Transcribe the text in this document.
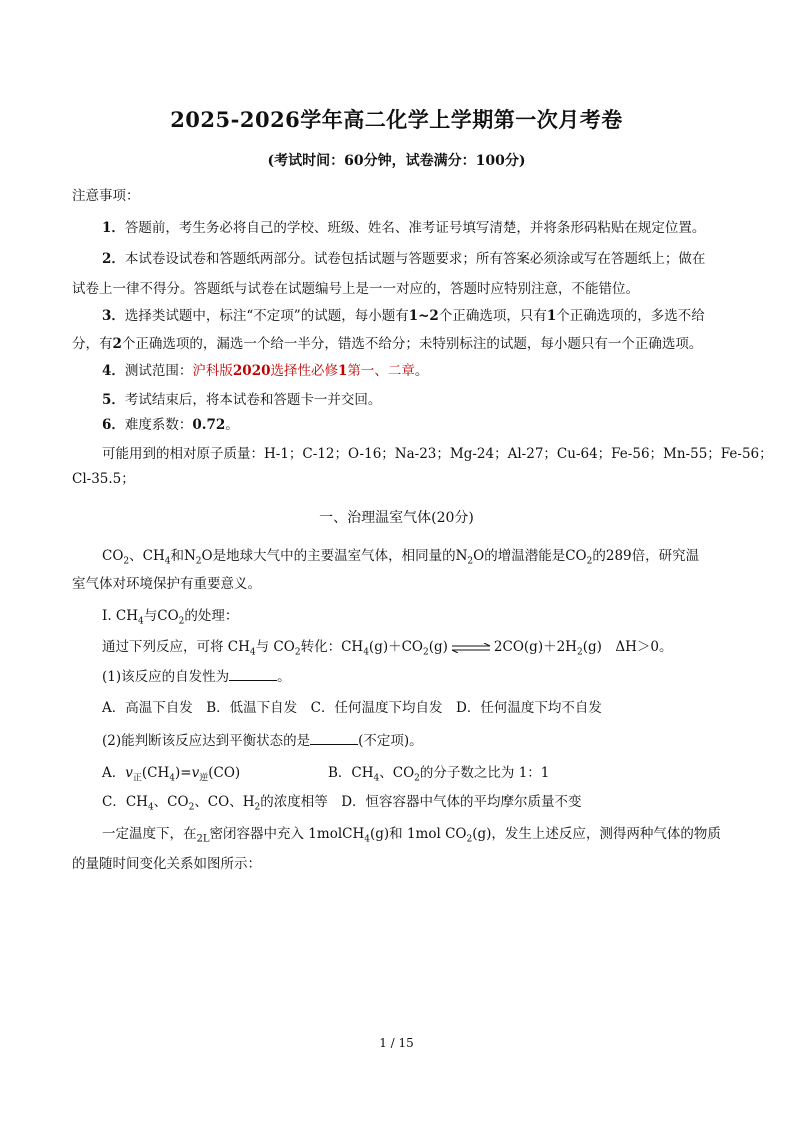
2025-2026学年高二化学上学期第一次月考卷
(考试时间：60分钟，试卷满分：100分)
注意事项：
1．答题前，考生务必将自己的学校、班级、姓名、准考证号填写清楚，并将条形码粘贴在规定位置。
2．本试卷设试卷和答题纸两部分。试卷包括试题与答题要求；所有答案必须涂或写在答题纸上；做在
试卷上一律不得分。答题纸与试卷在试题编号上是一一对应的，答题时应特别注意，不能错位。
3．选择类试题中，标注“不定项”的试题，每小题有1~2个正确选项，只有1个正确选项的，多选不给
分，有2个正确选项的，漏选一个给一半分，错选不给分；未特别标注的试题，每小题只有一个正确选项。
4．测试范围：沪科版2020选择性必修1第一、二章。
5．考试结束后，将本试卷和答题卡一并交回。
6．难度系数：0.72。
可能用到的相对原子质量：H-1；C-12；O-16；Na-23；Mg-24；Al-27；Cu-64；Fe-56；Mn-55；Fe-56；
Cl-35.5；
一、治理温室气体(20分)
$CO_2$、$CH_4$和$N_2O$是地球大气中的主要温室气体，相同量的$N_2O$的增温潜能是$CO_2$的289倍，研究温
室气体对环境保护有重要意义。
I. $CH_4$与$CO_2$的处理：
通过下列反应，可将 $CH_4$与 $CO_2$转化：$CH_4(g)+CO_2(g)$ ⇌ $2CO(g)+2H_2(g)$　ΔH＞0。
(1)该反应的自发性为	。
A．高温下自发　B．低温下自发　C．任何温度下均自发　D．任何温度下均不自发
(2)能判断该反应达到平衡状态的是	(不定项)。
A．$v_正(CH_4)=v_逆(CO)$	B．$CH_4$、$CO_2$的分子数之比为 1：1
C．$CH_4$、$CO_2$、CO、$H_2$的浓度相等　D．恒容容器中气体的平均摩尔质量不变
一定温度下，在$_{2L}$密闭容器中充入 1molCH$_4$(g)和 1mol $CO_2(g)$，发生上述反应，测得两种气体的物质
的量随时间变化关系如图所示：
1 / 15
